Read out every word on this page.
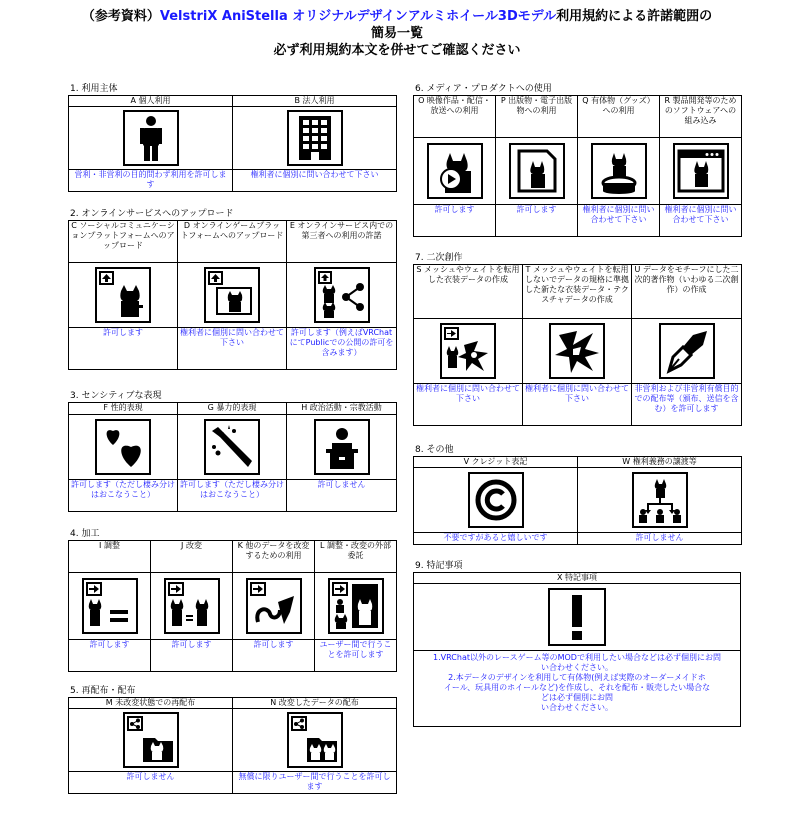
（参考資料）VelstriX AniStella オリジナルデザインアルミホイール3Dモデル利用規約による許諾範囲の
簡易一覧
必ず利用規約本文を併せてご確認ください
1. 利用主体
A 個人利用	B 法人利用

営利・非営利の目的問わず利用を許可します	権利者に個別に問い合わせて下さい
2. オンラインサービスへのアップロード
C ソーシャルコミュニケーションプラットフォームへのアップロード	D オンラインゲームプラットフォームへのアップロード	E オンラインサービス内での第三者への利用の許諾

許可します	権利者に個別に問い合わせて下さい	許可します（例えばVRChatにてPublicでの公開の許可を含みます）
3. センシティブな表現
F 性的表現	G 暴力的表現	H 政治活動・宗教活動

許可します（ただし棲み分けはおこなうこと）	許可します（ただし棲み分けはおこなうこと）	許可しません
4. 加工
I 調整	J 改変	K 他のデータを改変するための利用	L 調整・改変の外部委託

許可します	許可します	許可します	ユーザー間で行うことを許可します
5. 再配布・配布
M 未改変状態での再配布	N 改変したデータの配布

許可しません	無償に限りユーザー間で行うことを許可します
6. メディア・プロダクトへの使用
O 映像作品・配信・放送への利用	P 出版物・電子出版物への利用	Q 有体物（グッズ）への利用	R 製品開発等のためのソフトウェアへの組み込み

許可します	許可します	権利者に個別に問い合わせて下さい	権利者に個別に問い合わせて下さい
7. 二次創作
S メッシュやウェイトを転用した衣装データの作成	T メッシュやウェイトを転用しないでデータの規格に準拠した新たな衣装データ・テクスチャデータの作成	U データをモチーフにした二次的著作物（いわゆる二次創作）の作成

権利者に個別に問い合わせて下さい	権利者に個別に問い合わせて下さい	非営利および非営利有償目的での配布等（頒布、送信を含む）を許可します
8. その他
V クレジット表記	W 権利義務の譲渡等

不要ですがあると嬉しいです	許可しません
9. 特記事項
X 特記事項

1.VRChat以外のレースゲーム等のMODで利用したい場合などは必ず個別にお問
い合わせください。
2.本データのデザインを利用して有体物(例えば実際のオーダーメイドホ
イール、玩具用のホイールなど)を作成し、それを配布・販売したい場合な
どは必ず個別にお問
い合わせください。
